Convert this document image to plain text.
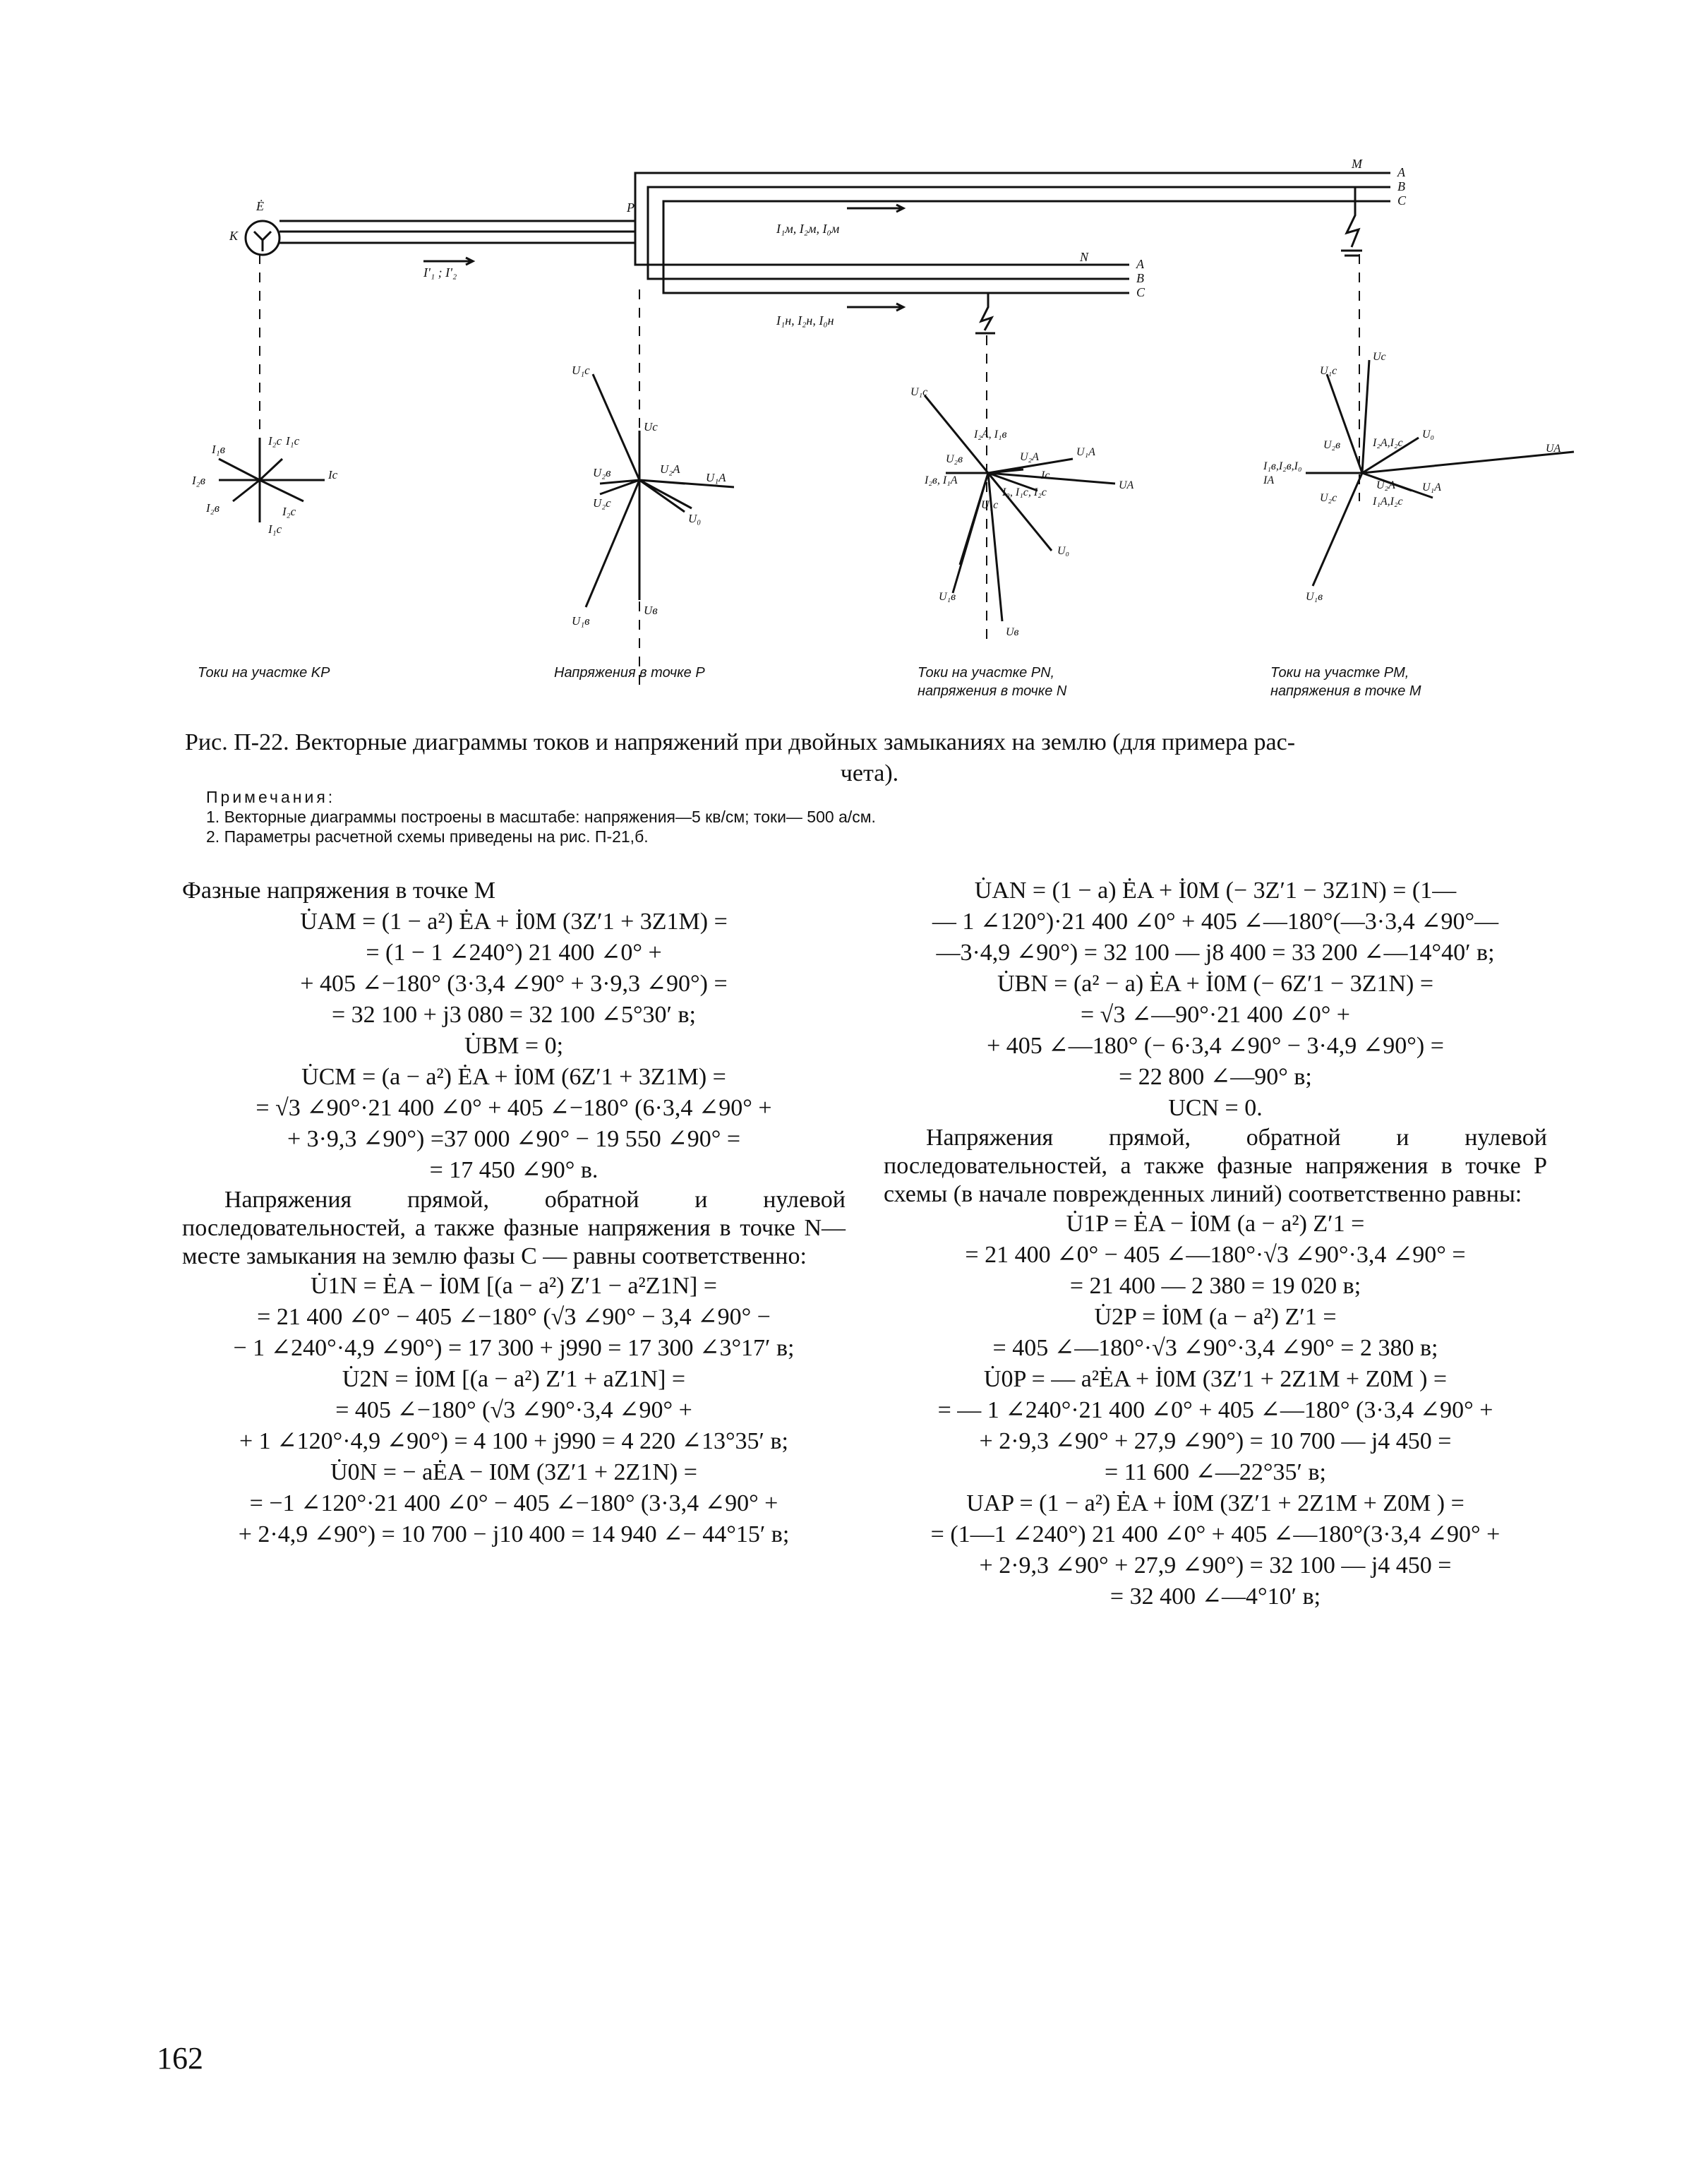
Ė
K
P
M
A
B
C
N	A
B
C
I'₁ ; I'₂
I₁м, I₂м, I₀м
I₁н, I₂н, I₀н
I₁в
I₂в
I₂с I₁с
Iс
I₂в	I₂с
I₁с
U₁с
Uс
U₂в	U₂A
U₁A
U₂с
U₀
U₁в
Uв
U₁с
I₂A, I₁в
U₂в	U₂A	U₁A
Iс
I₂в, I₁A
I₀, I₁с, I₂с
UA
U₁с
U₀
U₁в
Uв
U₁с
Uс
U₂в	I₂A,I₂с
U₀
UA
I₁в,I₂в,I₀
IA	U₂A
U₂с	I₁A,I₂с
U₁A
U₁в
Токи на участке KP	Напряжения в точке P	Токи на участке PN,
напряжения в точке N
Токи на участке PM,
напряжения в точке M
Рис. П-22. Векторные диаграммы токов и напряжений при двойных замыканиях на землю (для примера рас-
чета).
Примечания:
1. Векторные диаграммы построены в масштабе: напряжения—5 кв/см; токи— 500 а/см.
2. Параметры расчетной схемы приведены на рис. П-21,б.
Фазные напряжения в точке M
U̇AM = (1 − a²) ĖA + İ0M (3Z′1 + 3Z1M) =
= (1 − 1 ∠240°) 21 400 ∠0° +
+ 405 ∠−180° (3·3,4 ∠90° + 3·9,3 ∠90°) =
= 32 100 + j3 080 = 32 100 ∠5°30′ в;
U̇BM = 0;
U̇CM = (a − a²) ĖA + İ0M (6Z′1 + 3Z1M) =
= √3 ∠90°·21 400 ∠0° + 405 ∠−180° (6·3,4 ∠90° +
+ 3·9,3 ∠90°) =37 000 ∠90° − 19 550 ∠90° =
= 17 450 ∠90° в.
Напряжения прямой, обратной и нулевой последовательностей, а также фазные напряжения в точке N— месте замыкания на землю фазы C — равны соответственно:
U̇1N = ĖA − İ0M [(a − a²) Z′1 − a²Z1N] =
= 21 400 ∠0° − 405 ∠−180° (√3 ∠90° − 3,4 ∠90° −
− 1 ∠240°·4,9 ∠90°) = 17 300 + j990 = 17 300 ∠3°17′ в;
U̇2N = İ0M [(a − a²) Z′1 + aZ1N] =
= 405 ∠−180° (√3 ∠90°·3,4 ∠90° +
+ 1 ∠120°·4,9 ∠90°) = 4 100 + j990 = 4 220 ∠13°35′ в;
U̇0N = − aĖA − I0M (3Z′1 + 2Z1N) =
= −1 ∠120°·21 400 ∠0° − 405 ∠−180° (3·3,4 ∠90° +
+ 2·4,9 ∠90°) = 10 700 − j10 400 = 14 940 ∠− 44°15′ в;
U̇AN = (1 − a) ĖA + İ0M (− 3Z′1 − 3Z1N) = (1—
— 1 ∠120°)·21 400 ∠0° + 405 ∠—180°(—3·3,4 ∠90°—
—3·4,9 ∠90°) = 32 100 — j8 400 = 33 200 ∠—14°40′ в;
U̇BN = (a² − a) ĖA + İ0M (− 6Z′1 − 3Z1N) =
= √3 ∠—90°·21 400 ∠0° +
+ 405 ∠—180° (− 6·3,4 ∠90° − 3·4,9 ∠90°) =
= 22 800 ∠—90° в;
UCN = 0.
Напряжения прямой, обратной и нулевой последовательностей, а также фазные напряжения в точке P схемы (в начале поврежденных линий) соответственно равны:
U̇1P = ĖA − İ0M (a − a²) Z′1 =
= 21 400 ∠0° − 405 ∠—180°·√3 ∠90°·3,4 ∠90° =
= 21 400 — 2 380 = 19 020 в;
U̇2P = İ0M (a − a²) Z′1 =
= 405 ∠—180°·√3 ∠90°·3,4 ∠90° = 2 380 в;
U̇0P = — a²ĖA + İ0M (3Z′1 + 2Z1M + Z0M ) =
= — 1 ∠240°·21 400 ∠0° + 405 ∠—180° (3·3,4 ∠90° +
+ 2·9,3 ∠90° + 27,9 ∠90°) = 10 700 — j4 450 =
= 11 600 ∠—22°35′ в;
UAP = (1 − a²) ĖA + İ0M (3Z′1 + 2Z1M + Z0M ) =
= (1—1 ∠240°) 21 400 ∠0° + 405 ∠—180°(3·3,4 ∠90° +
+ 2·9,3 ∠90° + 27,9 ∠90°) = 32 100 — j4 450 =
= 32 400 ∠—4°10′ в;
162
